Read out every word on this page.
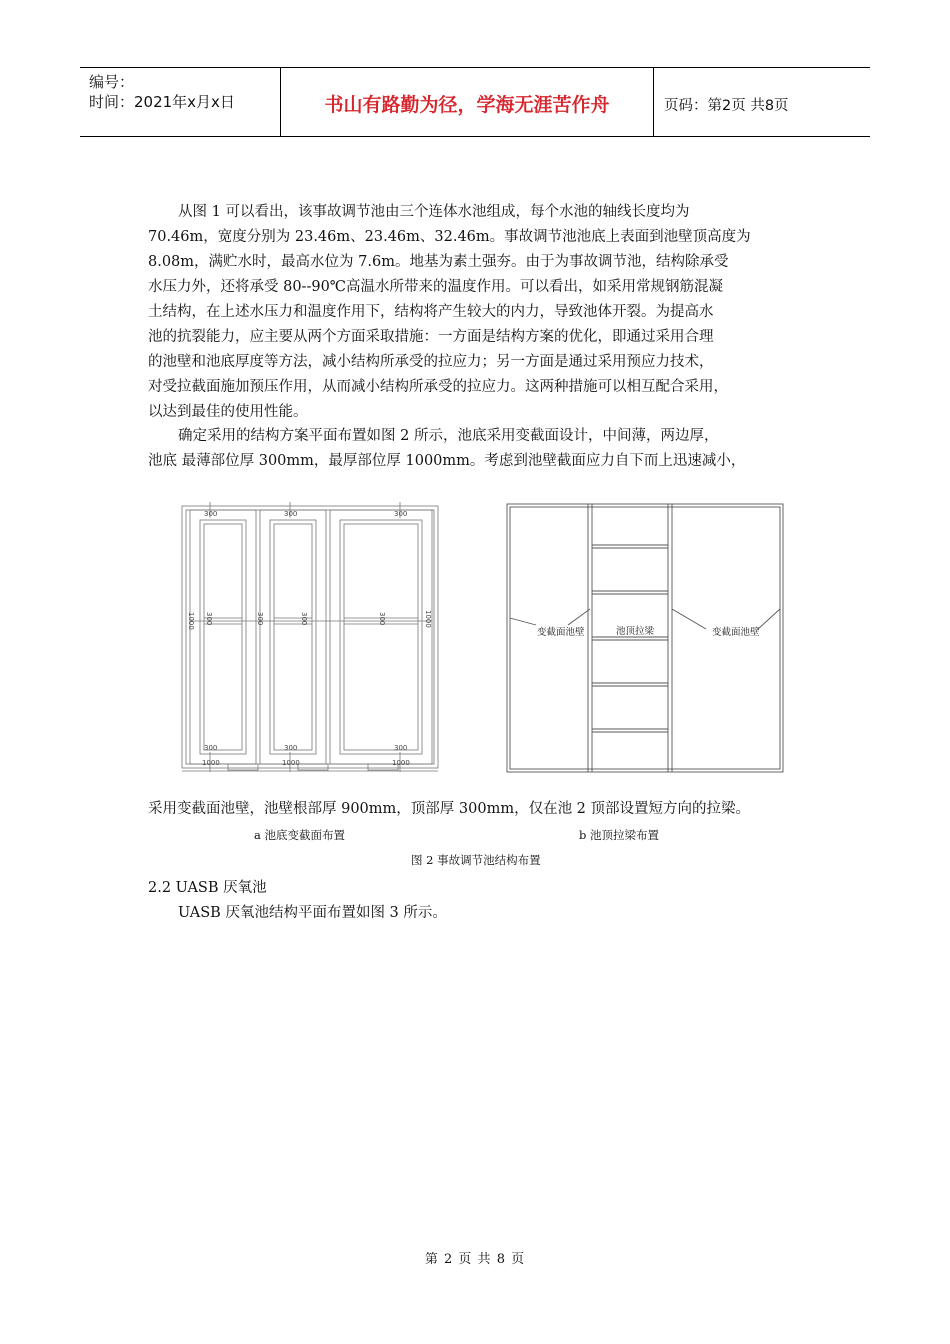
编号：
时间：2021年x月x日	书山有路勤为径，学海无涯苦作舟	页码：第2页 共8页
从图 1 可以看出，该事故调节池由三个连体水池组成，每个水池的轴线长度均为
70.46m，宽度分别为 23.46m、23.46m、32.46m。事故调节池池底上表面到池壁顶高度为
8.08m，满贮水时，最高水位为 7.6m。地基为素土强夯。由于为事故调节池，结构除承受
水压力外，还将承受 80--90℃高温水所带来的温度作用。可以看出，如采用常规钢筋混凝
土结构，在上述水压力和温度作用下，结构将产生较大的内力，导致池体开裂。为提高水
池的抗裂能力，应主要从两个方面采取措施：一方面是结构方案的优化，即通过采用合理
的池壁和池底厚度等方法，减小结构所承受的拉应力；另一方面是通过采用预应力技术，
对受拉截面施加预压作用，从而减小结构所承受的拉应力。这两种措施可以相互配合采用，
以达到最佳的使用性能。
确定采用的结构方案平面布置如图 2 所示，池底采用变截面设计，中间薄，两边厚，
池底 最薄部位厚 300mm，最厚部位厚 1000mm。考虑到池壁截面应力自下而上迅速减小，
300	300	300
300	300	300
1000	1000	1000
1000 300	300	300	300	1000
变截面池壁	池顶拉梁	变截面池壁
采用变截面池壁，池壁根部厚 900mm，顶部厚 300mm，仅在池 2 顶部设置短方向的拉梁。
a 池底变截面布置	b 池顶拉梁布置
图 2 事故调节池结构布置
2.2 UASB 厌氧池
UASB 厌氧池结构平面布置如图 3 所示。
第 2 页 共 8 页
